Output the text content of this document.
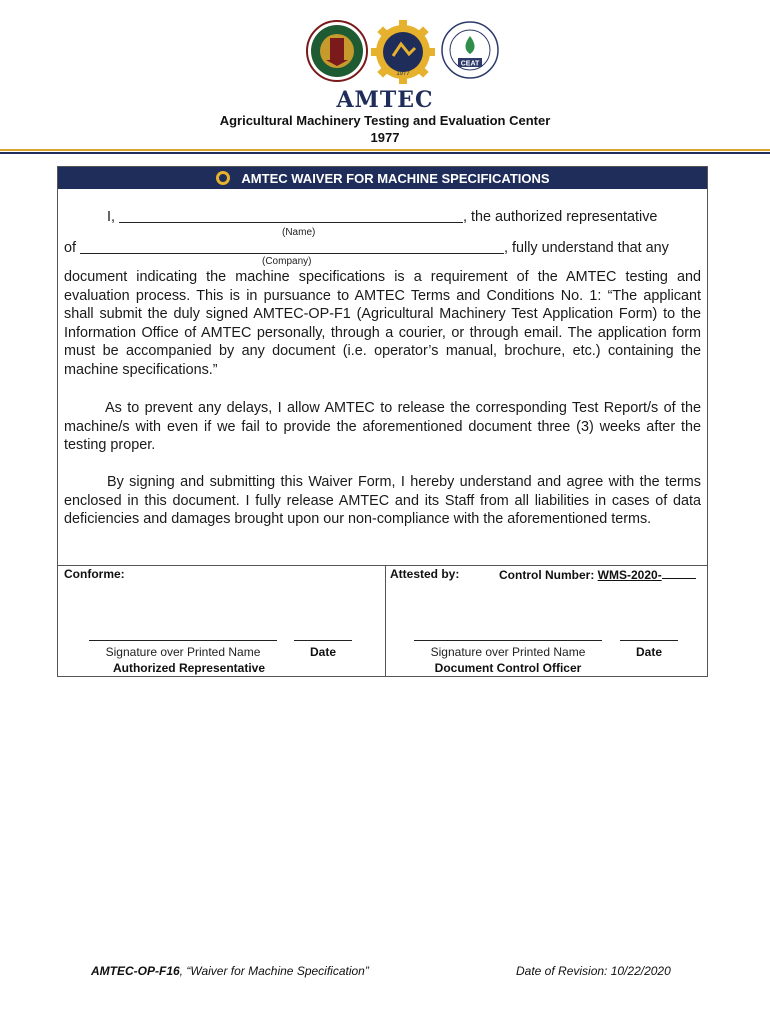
1977
CEAT
AMTEC
Agricultural Machinery Testing and Evaluation Center
1977
AMTEC WAIVER FOR MACHINE SPECIFICATIONS
I,	, the authorized representative
(Name)
of	, fully understand that any
(Company)
document indicating the machine specifications is a requirement of the AMTEC testing and evaluation process. This is in pursuance to AMTEC Terms and Conditions No. 1: “The applicant shall submit the duly signed AMTEC-OP-F1 (Agricultural Machinery Test Application Form) to the Information Office of AMTEC personally, through a courier, or through email. The application form must be accompanied by any document (i.e. operator’s manual, brochure, etc.) containing the machine specifications.”
As to prevent any delays, I allow AMTEC to release the corresponding Test Report/s of the machine/s with even if we fail to provide the aforementioned document three (3) weeks after the testing proper.
By signing and submitting this Waiver Form, I hereby understand and agree with the terms enclosed in this document. I fully release AMTEC and its Staff from all liabilities in cases of data deficiencies and damages brought upon our non-compliance with the aforementioned terms.
Conforme:	Attested by:	Control Number: WMS-2020-
Signature over Printed Name	Date
Authorized Representative
Signature over Printed Name	Date
Document Control Officer
AMTEC-OP-F16, “Waiver for Machine Specification”	Date of Revision: 10/22/2020
